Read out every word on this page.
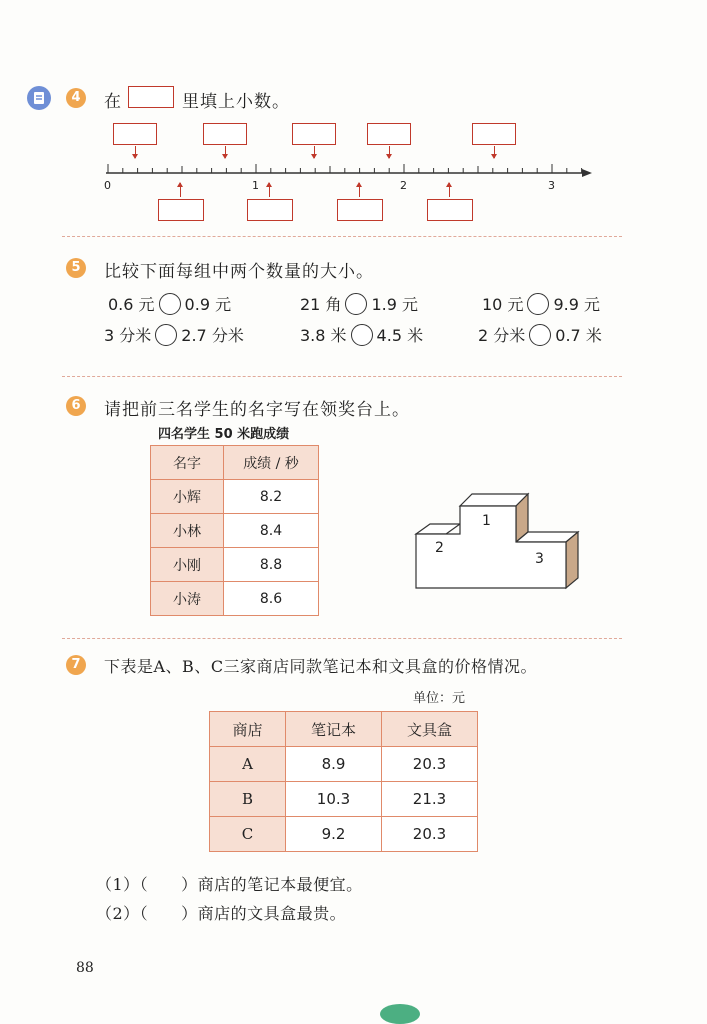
4	在	里填上小数。
0	1	2	3
5	比较下面每组中两个数量的大小。
0.6 元 0.9 元	21 角 1.9 元	10 元 9.9 元
3 分米 2.7 分米	3.8 米 4.5 米	2 分米 0.7 米
6	请把前三名学生的名字写在领奖台上。
四名学生 50 米跑成绩
名字	成绩 / 秒
小辉	8.2
小林	8.4
小刚	8.8
小涛	8.6
1
2
3
7	下表是A、B、C三家商店同款笔记本和文具盒的价格情况。
单位：元
商店	笔记本	文具盒
A	8.9	20.3
B	10.3	21.3
C	9.2	20.3
（1）（　　）商店的笔记本最便宜。
（2）（　　）商店的文具盒最贵。
88
